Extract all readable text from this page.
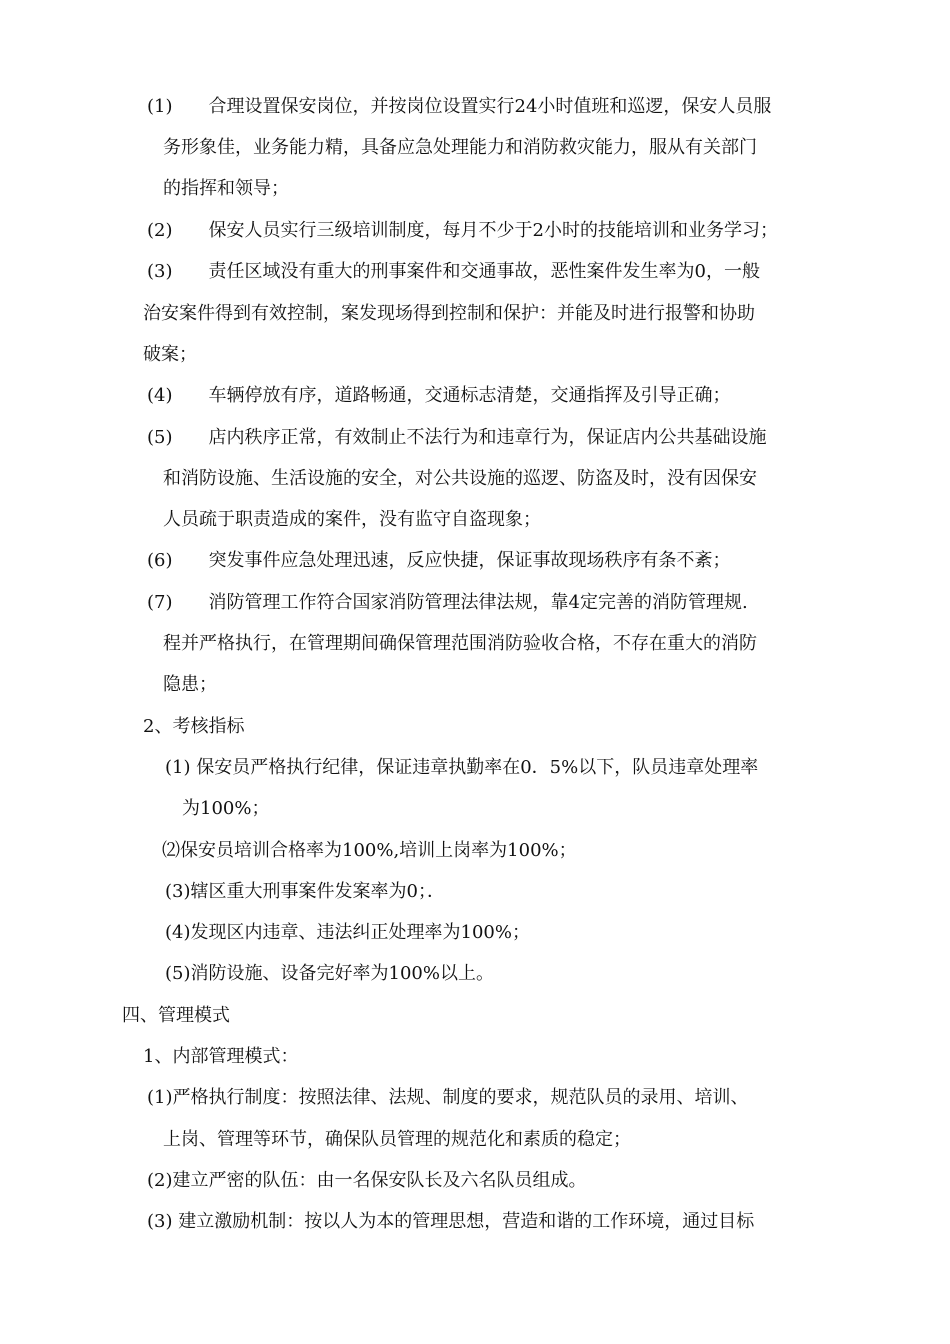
(1) 合理设置保安岗位，并按岗位设置实行24小时值班和巡逻，保安人员服
务形象佳，业务能力精，具备应急处理能力和消防救灾能力，服从有关部门
的指挥和领导；
(2) 保安人员实行三级培训制度，每月不少于2小时的技能培训和业务学习；
(3) 责任区域没有重大的刑事案件和交通事故，恶性案件发生率为0，一般
治安案件得到有效控制，案发现场得到控制和保护：并能及时进行报警和协助
破案；
(4) 车辆停放有序，道路畅通，交通标志清楚，交通指挥及引导正确；
(5) 店内秩序正常，有效制止不法行为和违章行为，保证店内公共基础设施
和消防设施、生活设施的安全，对公共设施的巡逻、防盗及时，没有因保安
人员疏于职责造成的案件，没有监守自盗现象；
(6) 突发事件应急处理迅速，反应快捷，保证事故现场秩序有条不紊；
(7) 消防管理工作符合国家消防管理法律法规，靠4定完善的消防管理规.
程并严格执行，在管理期间确保管理范围消防验收合格，不存在重大的消防
隐患；
2、考核指标
(1) 保安员严格执行纪律，保证违章执勤率在0．5%以下，队员违章处理率
为100%；
⑵保安员培训合格率为100%,培训上岗率为100%；
(3)辖区重大刑事案件发案率为0；．
(4)发现区内违章、违法纠正处理率为100%；
(5)消防设施、设备完好率为100%以上。
四、管理模式
1、内部管理模式：
(1)严格执行制度：按照法律、法规、制度的要求，规范队员的录用、培训、
上岗、管理等环节，确保队员管理的规范化和素质的稳定；
(2)建立严密的队伍：由一名保安队长及六名队员组成。
(3) 建立激励机制：按以人为本的管理思想，营造和谐的工作环境，通过目标
